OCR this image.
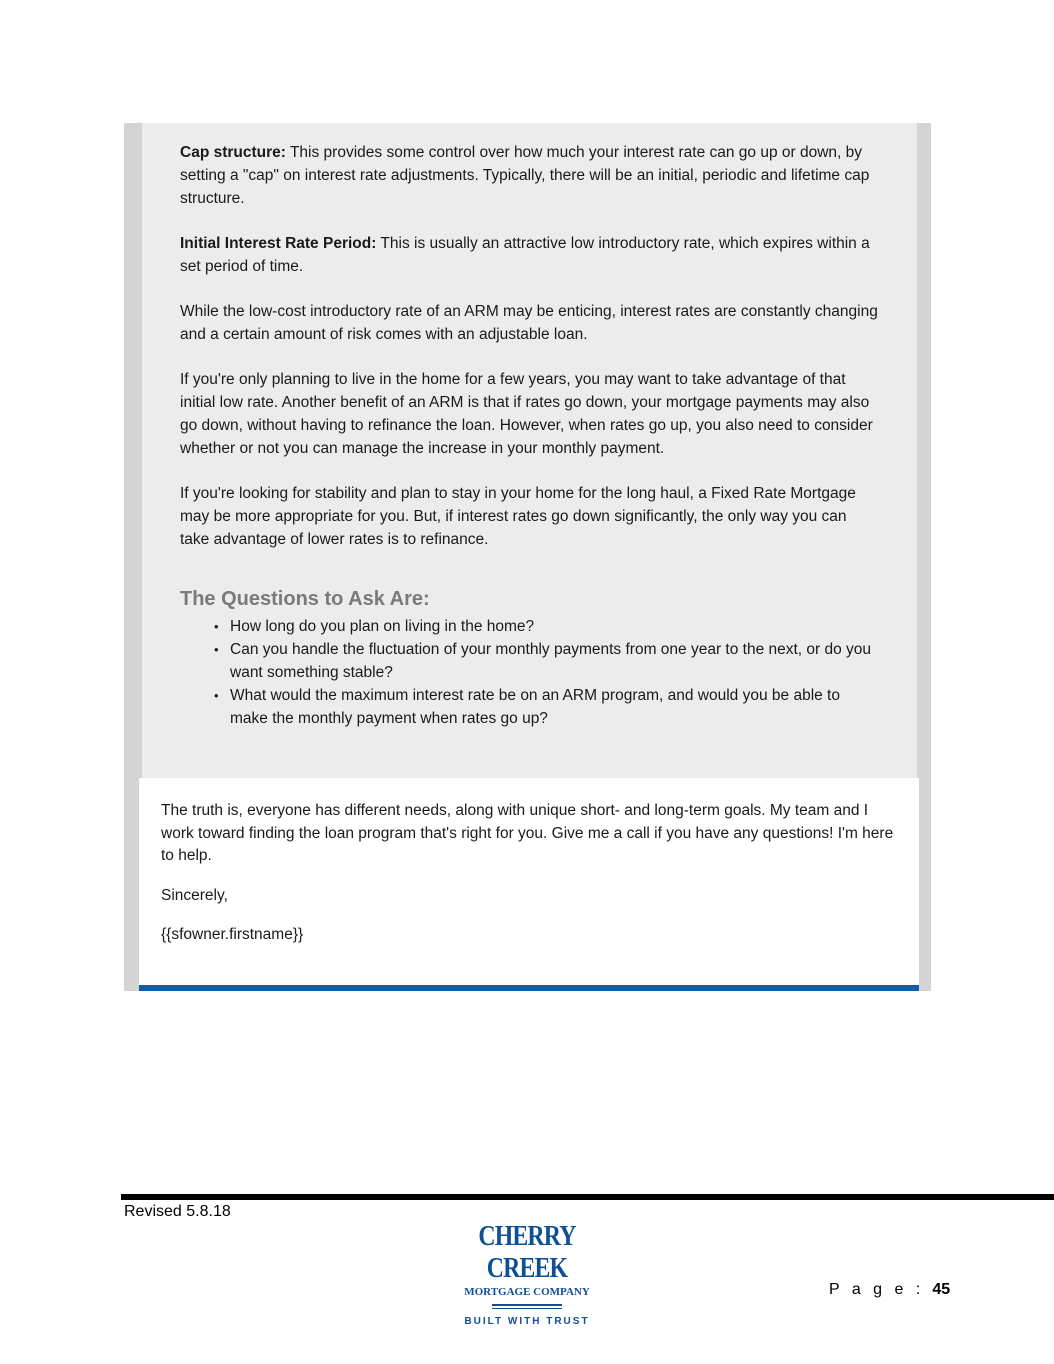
Cap structure: This provides some control over how much your interest rate can go up or down, by setting a "cap" on interest rate adjustments. Typically, there will be an initial, periodic and lifetime cap structure.

Initial Interest Rate Period: This is usually an attractive low introductory rate, which expires within a set period of time.

While the low-cost introductory rate of an ARM may be enticing, interest rates are constantly changing and a certain amount of risk comes with an adjustable loan.

If you're only planning to live in the home for a few years, you may want to take advantage of that initial low rate. Another benefit of an ARM is that if rates go down, your mortgage payments may also go down, without having to refinance the loan. However, when rates go up, you also need to consider whether or not you can manage the increase in your monthly payment.

If you're looking for stability and plan to stay in your home for the long haul, a Fixed Rate Mortgage may be more appropriate for you. But, if interest rates go down significantly, the only way you can take advantage of lower rates is to refinance.

The Questions to Ask Are:
• How long do you plan on living in the home?
• Can you handle the fluctuation of your monthly payments from one year to the next, or do you want something stable?
• What would the maximum interest rate be on an ARM program, and would you be able to make the monthly payment when rates go up?

The truth is, everyone has different needs, along with unique short- and long-term goals. My team and I work toward finding the loan program that's right for you. Give me a call if you have any questions! I'm here to help.

Sincerely,

{{sfowner.firstname}}

Revised 5.8.18
CHERRY CREEK
MORTGAGE COMPANY
BUILT WITH TRUST
P a g e : 45
